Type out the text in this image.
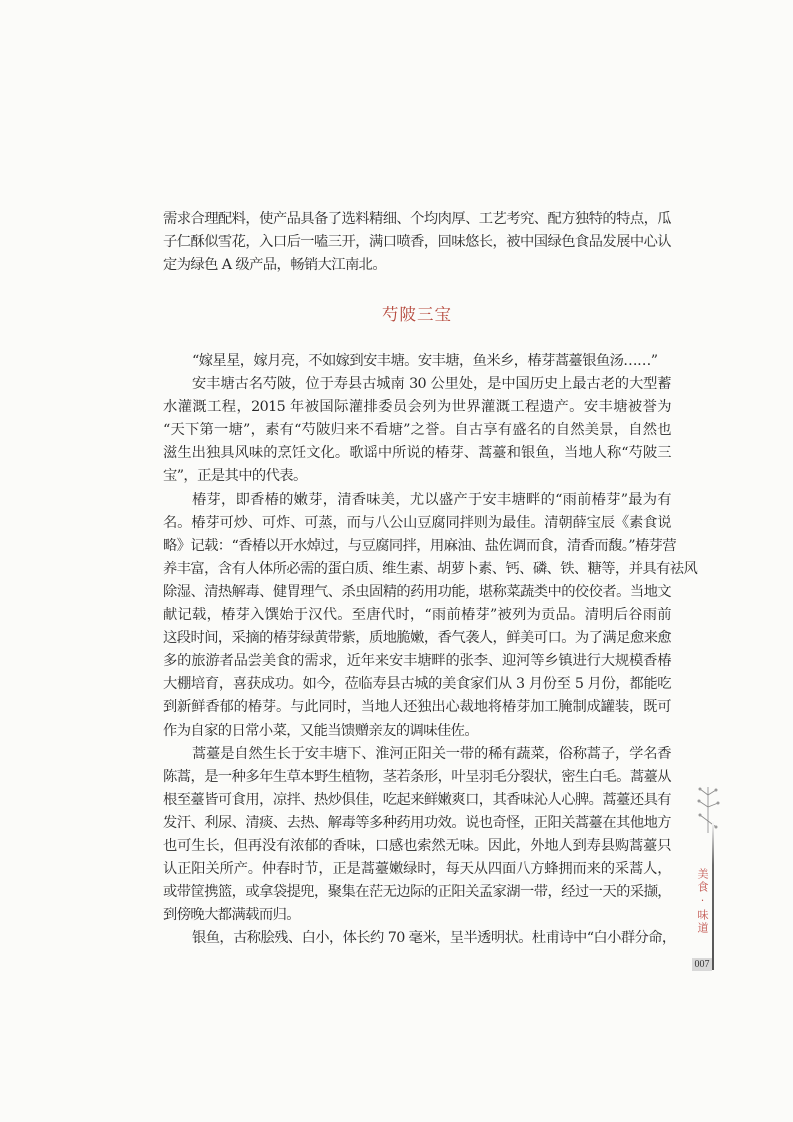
需求合理配料，使产品具备了选料精细、个均肉厚、工艺考究、配方独特的特点，瓜
子仁酥似雪花，入口后一嗑三开，满口喷香，回味悠长，被中国绿色食品发展中心认
定为绿色 A 级产品，畅销大江南北。
芍陂三宝
“嫁星星，嫁月亮，不如嫁到安丰塘。安丰塘，鱼米乡，椿芽蒿薹银鱼汤……”
安丰塘古名芍陂，位于寿县古城南 30 公里处，是中国历史上最古老的大型蓄
水灌溉工程，2015 年被国际灌排委员会列为世界灌溉工程遗产。安丰塘被誉为
“天下第一塘”，素有“芍陂归来不看塘”之誉。自古享有盛名的自然美景，自然也
滋生出独具风味的烹饪文化。歌谣中所说的椿芽、蒿薹和银鱼，当地人称“芍陂三
宝”，正是其中的代表。
椿芽，即香椿的嫩芽，清香味美，尤以盛产于安丰塘畔的“雨前椿芽”最为有
名。椿芽可炒、可炸、可蒸，而与八公山豆腐同拌则为最佳。清朝薛宝辰《素食说
略》记载：“香椿以开水焯过，与豆腐同拌，用麻油、盐佐调而食，清香而馥。”椿芽营
养丰富，含有人体所必需的蛋白质、维生素、胡萝卜素、钙、磷、铁、糖等，并具有祛风
除湿、清热解毒、健胃理气、杀虫固精的药用功能，堪称菜蔬类中的佼佼者。当地文
献记载，椿芽入馔始于汉代。至唐代时，“雨前椿芽”被列为贡品。清明后谷雨前
这段时间，采摘的椿芽绿黄带紫，质地脆嫩，香气袭人，鲜美可口。为了满足愈来愈
多的旅游者品尝美食的需求，近年来安丰塘畔的张李、迎河等乡镇进行大规模香椿
大棚培育，喜获成功。如今，莅临寿县古城的美食家们从 3 月份至 5 月份，都能吃
到新鲜香郁的椿芽。与此同时，当地人还独出心裁地将椿芽加工腌制成罐装，既可
作为自家的日常小菜，又能当馈赠亲友的调味佳佐。
蒿薹是自然生长于安丰塘下、淮河正阳关一带的稀有蔬菜，俗称蒿子，学名香
陈蒿，是一种多年生草本野生植物，茎若条形，叶呈羽毛分裂状，密生白毛。蒿薹从
根至薹皆可食用，凉拌、热炒俱佳，吃起来鲜嫩爽口，其香味沁人心脾。蒿薹还具有
发汗、利尿、清痰、去热、解毒等多种药用功效。说也奇怪，正阳关蒿薹在其他地方
也可生长，但再没有浓郁的香味，口感也索然无味。因此，外地人到寿县购蒿薹只
认正阳关所产。仲春时节，正是蒿薹嫩绿时，每天从四面八方蜂拥而来的采蒿人，
或带筐携篮，或拿袋提兜，聚集在茫无边际的正阳关孟家湖一带，经过一天的采撷，
到傍晚大都满载而归。
银鱼，古称脍残、白小，体长约 70 毫米，呈半透明状。杜甫诗中“白小群分命，
美食·味道
007
